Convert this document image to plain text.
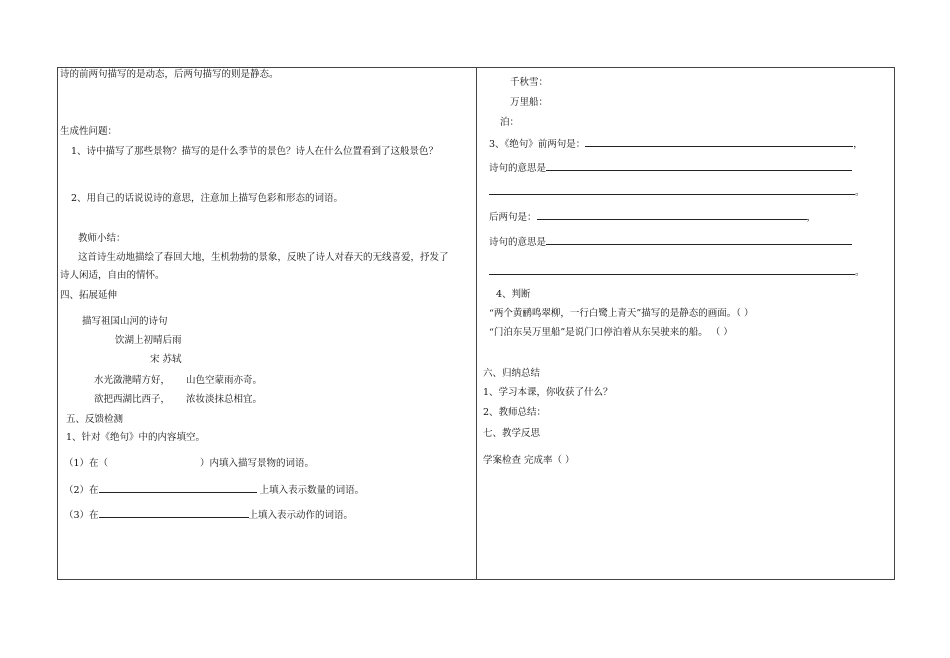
诗的前两句描写的是动态，后两句描写的则是静态。
生成性问题：
1、诗中描写了那些景物？描写的是什么季节的景色？诗人在什么位置看到了这般景色？
2、用自己的话说说诗的意思，注意加上描写色彩和形态的词语。
教师小结：
这首诗生动地描绘了春回大地，生机勃勃的景象，反映了诗人对春天的无线喜爱，抒发了
诗人闲适，自由的情怀。
四、拓展延伸
描写祖国山河的诗句
饮湖上初晴后雨
宋 苏轼
水光潋滟晴方好， 山色空蒙雨亦奇。
欲把西湖比西子， 浓妆淡抹总相宜。
五、反馈检测
1、针对《绝句》中的内容填空。
（1）在（	）内填入描写景物的词语。
（2）在	上填入表示数量的词语。
（3）在	上填入表示动作的词语。
千秋雪：
万里船：
泊：
3、《绝句》前两句是：	，
诗句的意思是
。
后两句是：	，
诗句的意思是
。
4、判断
“两个黄鹂鸣翠柳，一行白鹭上青天”描写的是静态的画面。（ ）
“门泊东吴万里船”是说门口停泊着从东吴驶来的船。 （ ）
六、归纳总结
1、学习本课，你收获了什么？
2、教师总结：
七、教学反思
学案检查 完成率（ ）
